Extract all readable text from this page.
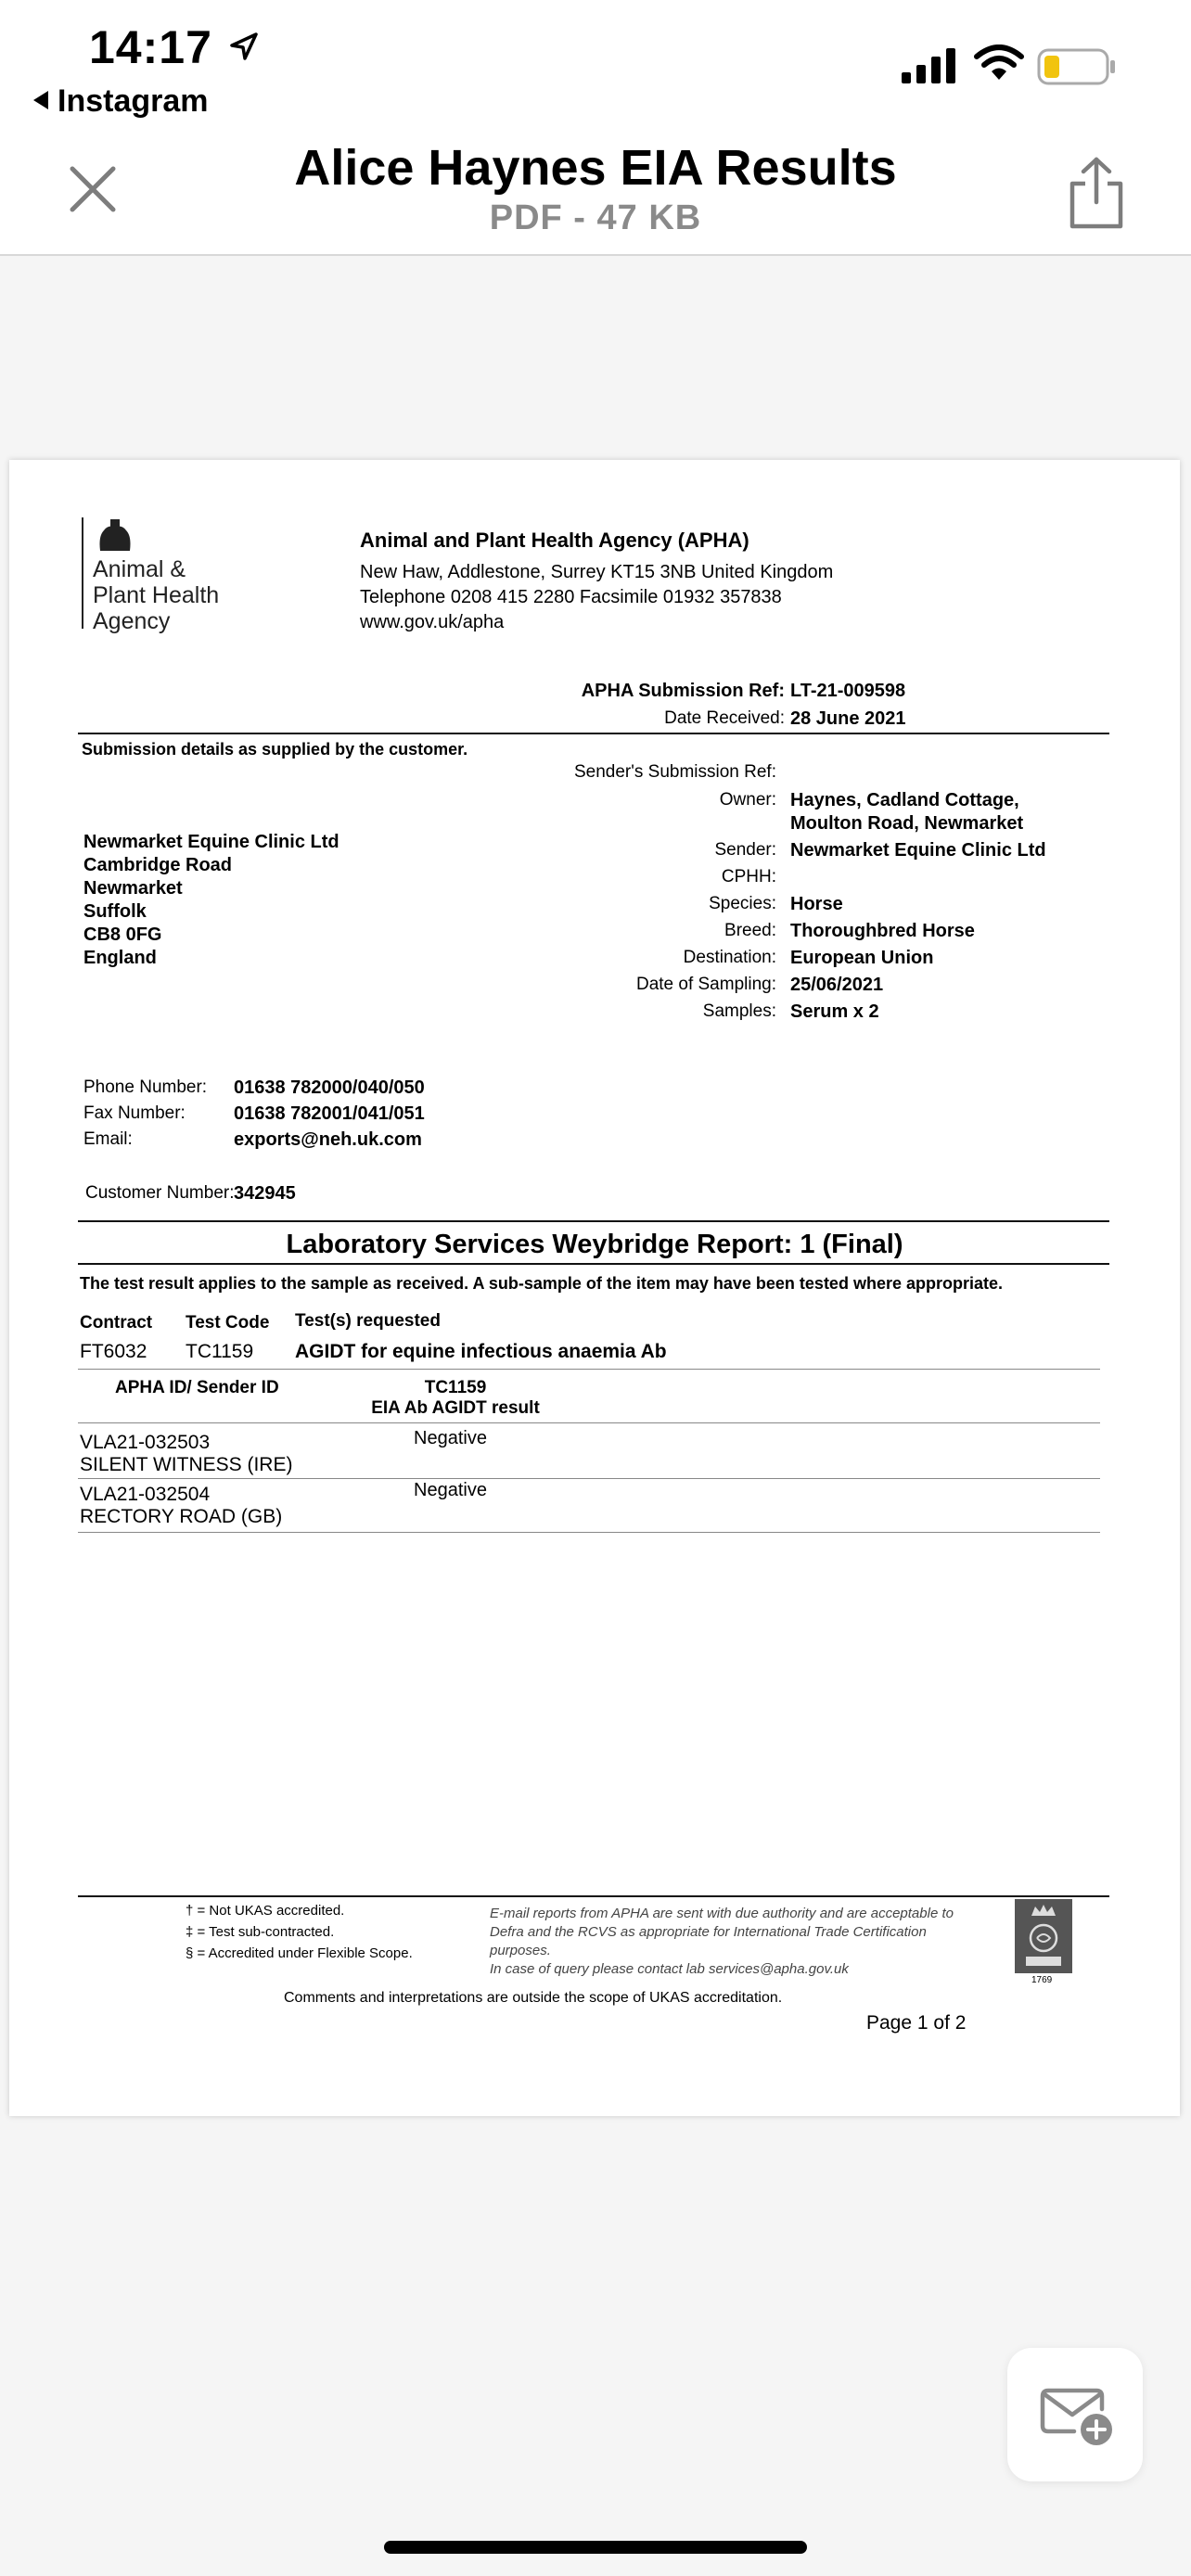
14:17
Instagram
Alice Haynes EIA Results
PDF - 47 KB
Animal &
Plant Health
Agency
Animal and Plant Health Agency (APHA)
New Haw, Addlestone, Surrey KT15 3NB United Kingdom
Telephone 0208 415 2280 Facsimile 01932 357838
www.gov.uk/apha
APHA Submission Ref: LT-21-009598
Date Received: 28 June 2021
Submission details as supplied by the customer.
Sender's Submission Ref:
Owner: Haynes, Cadland Cottage,
Moulton Road, Newmarket
Sender: Newmarket Equine Clinic Ltd
CPHH:
Species: Horse
Breed: Thoroughbred Horse
Destination: European Union
Date of Sampling: 25/06/2021
Samples: Serum x 2
Newmarket Equine Clinic Ltd
Cambridge Road
Newmarket
Suffolk
CB8 0FG
England
Phone Number: 01638 782000/040/050
Fax Number:	01638 782001/041/051
Email:	exports@neh.uk.com
Customer Number: 342945
Laboratory Services Weybridge Report: 1 (Final)
The test result applies to the sample as received. A sub-sample of the item may have been tested where appropriate.
Contract Test Code Test(s) requested
FT6032 TC1159 AGIDT for equine infectious anaemia Ab
APHA ID/ Sender ID	TC1159
EIA Ab AGIDT result
VLA21-032503
SILENT WITNESS (IRE)
Negative
VLA21-032504
RECTORY ROAD (GB)
Negative
† = Not UKAS accredited.
‡ = Test sub-contracted.
§ = Accredited under Flexible Scope.
E-mail reports from APHA are sent with due authority and are acceptable to Defra and the RCVS as appropriate for International Trade Certification purposes.
In case of query please contact lab services@apha.gov.uk
1769
Comments and interpretations are outside the scope of UKAS accreditation.
Page 1 of 2
